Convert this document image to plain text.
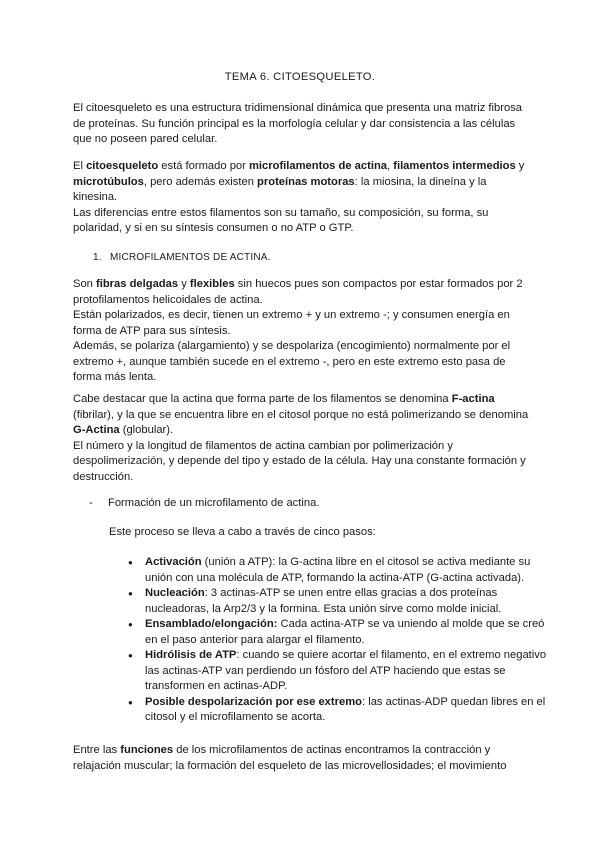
TEMA 6. CITOESQUELETO.

El citoesqueleto es una estructura tridimensional dinámica que presenta una matriz fibrosa de proteínas. Su función principal es la morfología celular y dar consistencia a las células que no poseen pared celular.

El citoesqueleto está formado por microfilamentos de actina, filamentos intermedios y microtúbulos, pero además existen proteínas motoras: la miosina, la dineína y la kinesina.
Las diferencias entre estos filamentos son su tamaño, su composición, su forma, su polaridad, y si en su síntesis consumen o no ATP o GTP.

1. MICROFILAMENTOS DE ACTINA.

Son fibras delgadas y flexibles sin huecos pues son compactos por estar formados por 2 protofilamentos helicoidales de actina.
Están polarizados, es decir, tienen un extremo + y un extremo -; y consumen energía en forma de ATP para sus síntesis.
Además, se polariza (alargamiento) y se despolariza (encogimiento) normalmente por el extremo +, aunque también sucede en el extremo -, pero en este extremo esto pasa de forma más lenta.

Cabe destacar que la actina que forma parte de los filamentos se denomina F-actina (fibrilar), y la que se encuentra libre en el citosol porque no está polimerizando se denomina G-Actina (globular).
El número y la longitud de filamentos de actina cambian por polimerización y despolimerización, y depende del tipo y estado de la célula. Hay una constante formación y destrucción.

- Formación de un microfilamento de actina.

Este proceso se lleva a cabo a través de cinco pasos:

● Activación (unión a ATP): la G-actina libre en el citosol se activa mediante su unión con una molécula de ATP, formando la actina-ATP (G-actina activada).
● Nucleación: 3 actinas-ATP se unen entre ellas gracias a dos proteínas nucleadoras, la Arp2/3 y la formina. Esta unión sirve como molde inicial.
● Ensamblado/elongación: Cada actina-ATP se va uniendo al molde que se creó en el paso anterior para alargar el filamento.
● Hidrólisis de ATP: cuando se quiere acortar el filamento, en el extremo negativo las actinas-ATP van perdiendo un fósforo del ATP haciendo que estas se transformen en actinas-ADP.
● Posible despolarización por ese extremo: las actinas-ADP quedan libres en el citosol y el microfilamento se acorta.

Entre las funciones de los microfilamentos de actinas encontramos la contracción y relajación muscular; la formación del esqueleto de las microvellosidades; el movimiento
